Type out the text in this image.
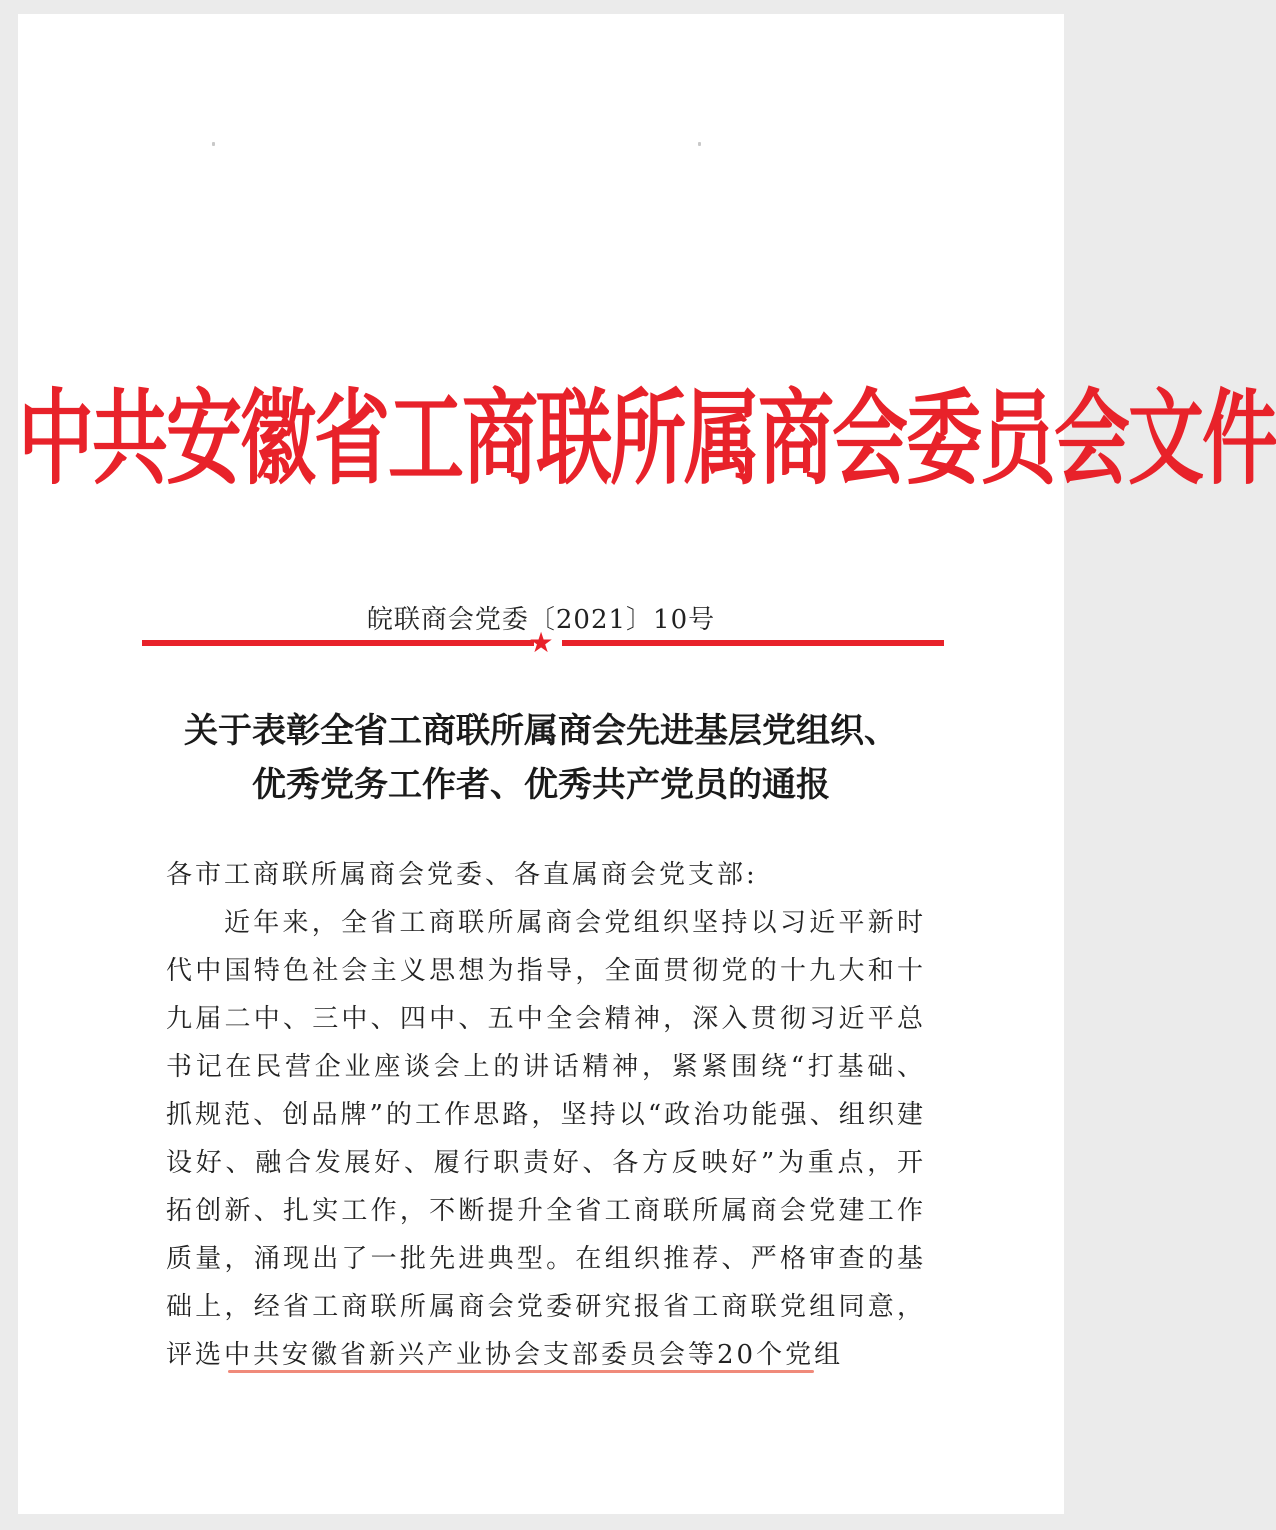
中共安徽省工商联所属商会委员会文件
皖联商会党委〔2021〕10号
★
关于表彰全省工商联所属商会先进基层党组织、
优秀党务工作者、优秀共产党员的通报

各市工商联所属商会党委、各直属商会党支部:

近年来，全省工商联所属商会党组织坚持以习近平新时代中国特色社会主义思想为指导，全面贯彻党的十九大和十九届二中、三中、四中、五中全会精神，深入贯彻习近平总书记在民营企业座谈会上的讲话精神，紧紧围绕“打基础、抓规范、创品牌”的工作思路，坚持以“政治功能强、组织建设好、融合发展好、履行职责好、各方反映好”为重点，开拓创新、扎实工作，不断提升全省工商联所属商会党建工作质量，涌现出了一批先进典型。在组织推荐、严格审查的基础上，经省工商联所属商会党委研究报省工商联党组同意，评选中共安徽省新兴产业协会支部委员会等20个党组
